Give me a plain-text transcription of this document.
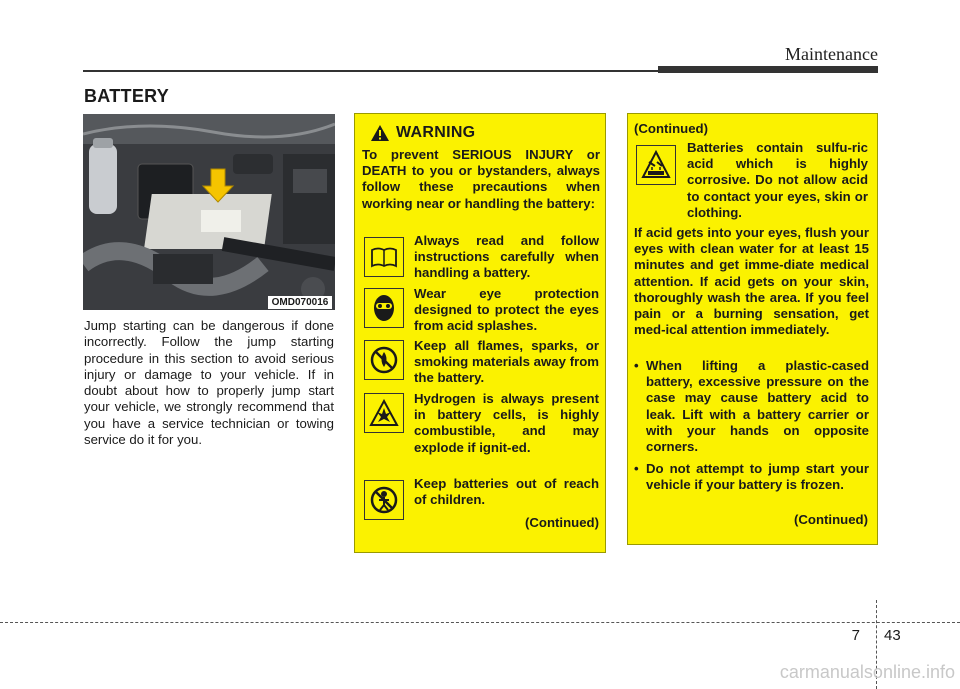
Maintenance
BATTERY
OMD070016
Jump starting can be dangerous if done incorrectly. Follow the jump starting procedure in this section to avoid serious injury or damage to your vehicle. If in doubt about how to properly jump start your vehicle, we strongly recommend that you have a service technician or towing service do it for you.
WARNING
To prevent SERIOUS INJURY or DEATH to you or bystanders, always follow these precautions when working near or handling the battery:
Always read and follow instructions carefully when handling a battery.
Wear eye protection designed to protect the eyes from acid splashes.
Keep all flames, sparks, or smoking materials away from the battery.
Hydrogen is always present in battery cells, is highly combustible, and may explode if ignit-ed.
Keep batteries out of reach of children.
(Continued)
(Continued)
Batteries contain sulfu-ric acid which is highly corrosive. Do not allow acid to contact your eyes, skin or clothing.
If acid gets into your eyes, flush your eyes with clean water for at least 15 minutes and get imme-diate medical attention. If acid gets on your skin, thoroughly wash the area. If you feel pain or a burning sensation, get med-ical attention immediately.
• When lifting a plastic-cased battery, excessive pressure on the case may cause battery acid to leak. Lift with a battery carrier or with your hands on opposite corners.
• Do not attempt to jump start your vehicle if your battery is frozen.
(Continued)
7 43
carmanualsonline.info
